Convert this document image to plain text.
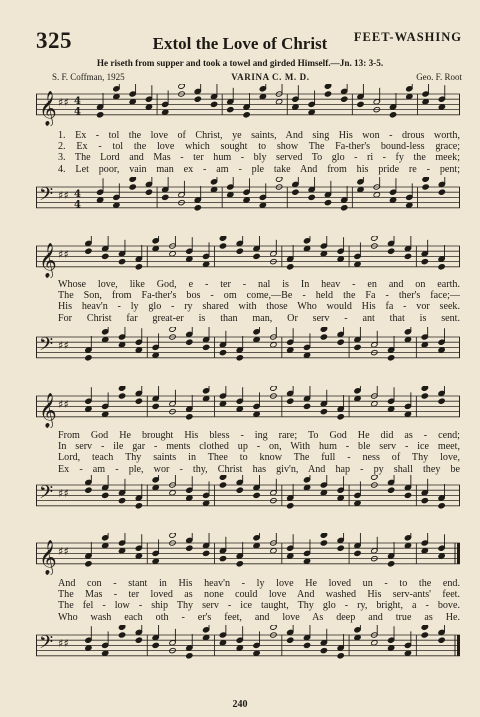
325	FEET-WASHING
Extol the Love of Christ
He riseth from supper and took a towel and girded Himself.—Jn. 13: 3-5.
S. F. Coffman, 1925	VARINA C. M. D.	Geo. F. Root
𝄞 ♯♯ 4
4
1. Ex - tol the love of Christ, ye saints, And sing His won - drous worth,
2. Ex - tol the love which sought to show The Fa-ther's bound-less grace;
3. The Lord and Mas - ter hum - bly served To glo - ri - fy the meek;
4. Let poor, vain man ex - am - ple take And from his pride re - pent;
𝄢 ♯♯ 4
4
𝄞 ♯♯
Whose love, like God, e - ter - nal is In heav - en and on earth.
The Son, from Fa-ther's bos - om come,—Be - held the Fa - ther's face;—
His heav'n - ly glo - ry shared with those Who would His fa - vor seek.
For Christ far great-er is than man, Or serv - ant that is sent.
𝄢 ♯♯
𝄞 ♯♯
From God He brought His bless - ing rare; To God He did as - cend;
In serv - ile gar - ments clothed up - on, With hum - ble serv - ice meet,
Lord, teach Thy saints in Thee to know The full - ness of Thy love,
Ex - am - ple, wor - thy, Christ has giv'n, And hap - py shall they be
𝄢 ♯♯
𝄞 ♯♯
And con - stant in His heav'n - ly love He loved un - to the end.
The Mas - ter loved as none could love And washed His serv-ants' feet.
The fel - low - ship Thy serv - ice taught, Thy glo - ry, bright, a - bove.
Who wash each oth - er's feet, and love As deep and true as He.
𝄢 ♯♯
240
